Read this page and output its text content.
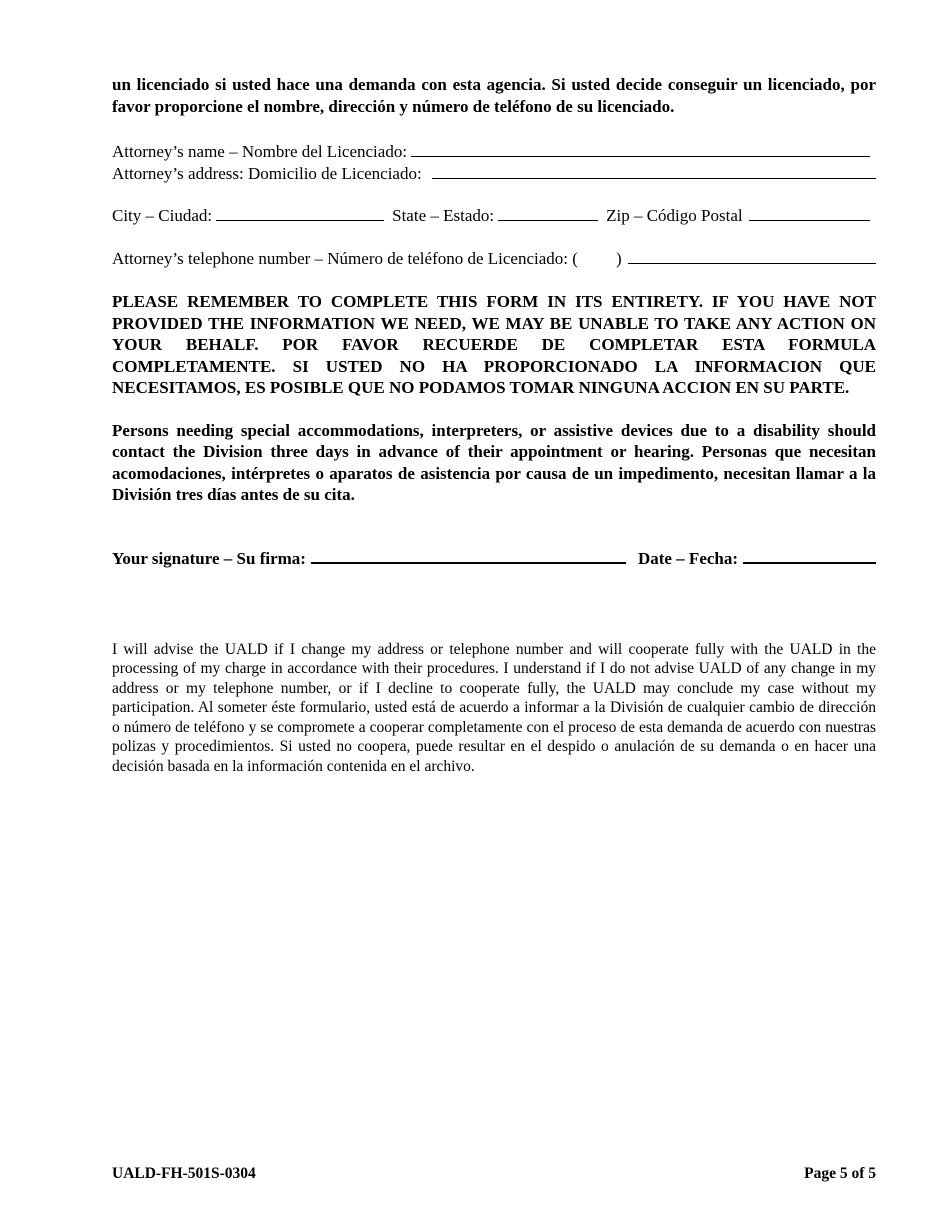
un licenciado si usted hace una demanda con esta agencia. Si usted decide conseguir un licenciado, por favor proporcione el nombre, dirección y número de teléfono de su licenciado.

Attorney’s name – Nombre del Licenciado:
Attorney’s address: Domicilio de Licenciado:
City – Ciudad:	State – Estado:	Zip – Código Postal
Attorney’s telephone number – Número de teléfono de Licenciado: ( )

PLEASE REMEMBER TO COMPLETE THIS FORM IN ITS ENTIRETY. IF YOU HAVE NOT PROVIDED THE INFORMATION WE NEED, WE MAY BE UNABLE TO TAKE ANY ACTION ON YOUR BEHALF. POR FAVOR RECUERDE DE COMPLETAR ESTA FORMULA COMPLETAMENTE. SI USTED NO HA PROPORCIONADO LA INFORMACION QUE NECESITAMOS, ES POSIBLE QUE NO PODAMOS TOMAR NINGUNA ACCION EN SU PARTE.

Persons needing special accommodations, interpreters, or assistive devices due to a disability should contact the Division three days in advance of their appointment or hearing. Personas que necesitan acomodaciones, intérpretes o aparatos de asistencia por causa de un impedimento, necesitan llamar a la División tres días antes de su cita.

Your signature – Su firma:	Date – Fecha:

I will advise the UALD if I change my address or telephone number and will cooperate fully with the UALD in the processing of my charge in accordance with their procedures. I understand if I do not advise UALD of any change in my address or my telephone number, or if I decline to cooperate fully, the UALD may conclude my case without my participation. Al someter éste formulario, usted está de acuerdo a informar a la División de cualquier cambio de dirección o número de teléfono y se compromete a cooperar completamente con el proceso de esta demanda de acuerdo con nuestras polizas y procedimientos. Si usted no coopera, puede resultar en el despido o anulación de su demanda o en hacer una decisión basada en la información contenida en el archivo.

UALD-FH-501S-0304	Page 5 of 5
